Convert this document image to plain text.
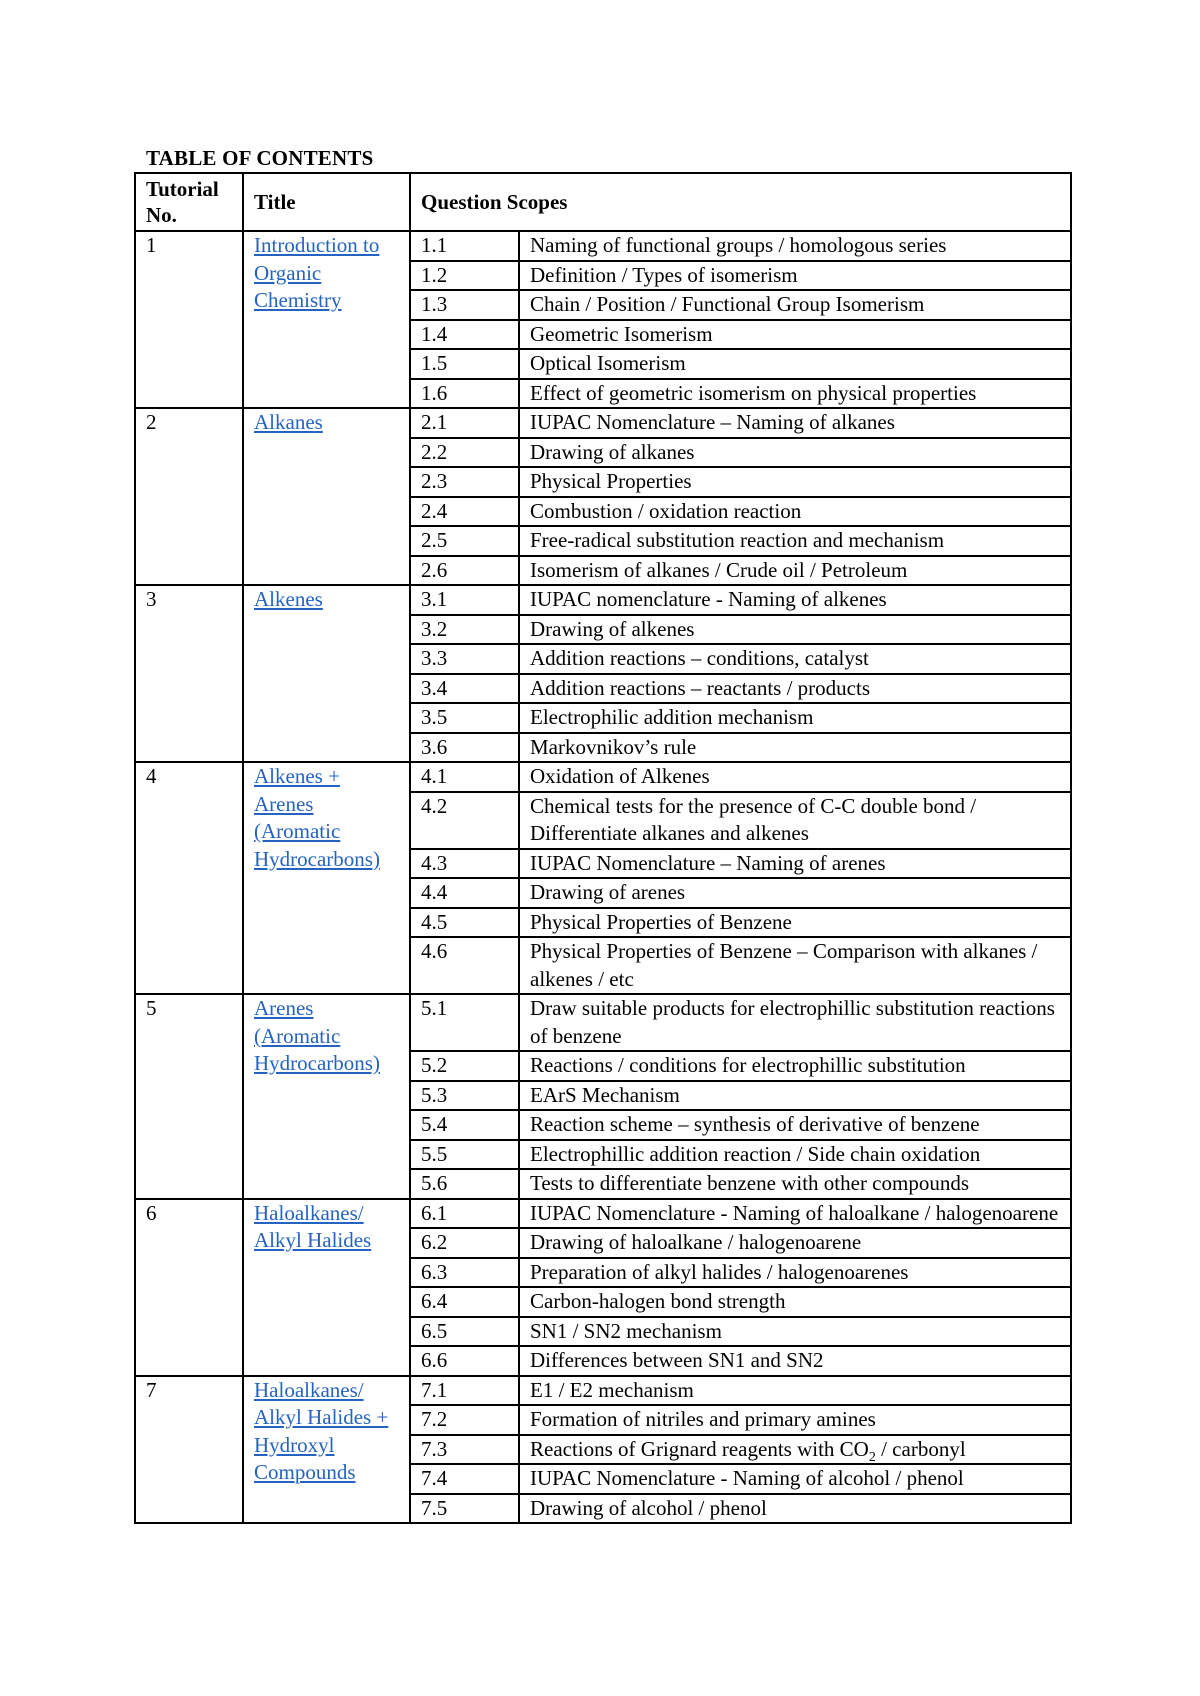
TABLE OF CONTENTS
Tutorial No.	Title	Question Scopes	
1	Introduction to Organic Chemistry	1.1	Naming of functional groups / homologous series
		1.2	Definition / Types of isomerism
		1.3	Chain / Position / Functional Group Isomerism
		1.4	Geometric Isomerism
		1.5	Optical Isomerism
		1.6	Effect of geometric isomerism on physical properties
2	Alkanes	2.1	IUPAC Nomenclature – Naming of alkanes
		2.2	Drawing of alkanes
		2.3	Physical Properties
		2.4	Combustion / oxidation reaction
		2.5	Free-radical substitution reaction and mechanism
		2.6	Isomerism of alkanes / Crude oil / Petroleum
3	Alkenes	3.1	IUPAC nomenclature - Naming of alkenes
		3.2	Drawing of alkenes
		3.3	Addition reactions – conditions, catalyst
		3.4	Addition reactions – reactants / products
		3.5	Electrophilic addition mechanism
		3.6	Markovnikov’s rule
4	Alkenes + Arenes (Aromatic Hydrocarbons)	4.1	Oxidation of Alkenes
		4.2	Chemical tests for the presence of C-C double bond / Differentiate alkanes and alkenes
		4.3	IUPAC Nomenclature – Naming of arenes
		4.4	Drawing of arenes
		4.5	Physical Properties of Benzene
		4.6	Physical Properties of Benzene – Comparison with alkanes / alkenes / etc
5	Arenes (Aromatic Hydrocarbons)	5.1	Draw suitable products for electrophillic substitution reactions of benzene
		5.2	Reactions / conditions for electrophillic substitution
		5.3	EArS Mechanism
		5.4	Reaction scheme – synthesis of derivative of benzene
		5.5	Electrophillic addition reaction / Side chain oxidation
		5.6	Tests to differentiate benzene with other compounds
6	Haloalkanes/ Alkyl Halides	6.1	IUPAC Nomenclature - Naming of haloalkane / halogenoarene
		6.2	Drawing of haloalkane / halogenoarene
		6.3	Preparation of alkyl halides / halogenoarenes
		6.4	Carbon-halogen bond strength
		6.5	SN1 / SN2 mechanism
		6.6	Differences between SN1 and SN2
7	Haloalkanes/ Alkyl Halides + Hydroxyl Compounds	7.1	E1 / E2 mechanism
		7.2	Formation of nitriles and primary amines
		7.3	Reactions of Grignard reagents with $CO_2$ / carbonyl
		7.4	IUPAC Nomenclature - Naming of alcohol / phenol
		7.5	Drawing of alcohol / phenol
